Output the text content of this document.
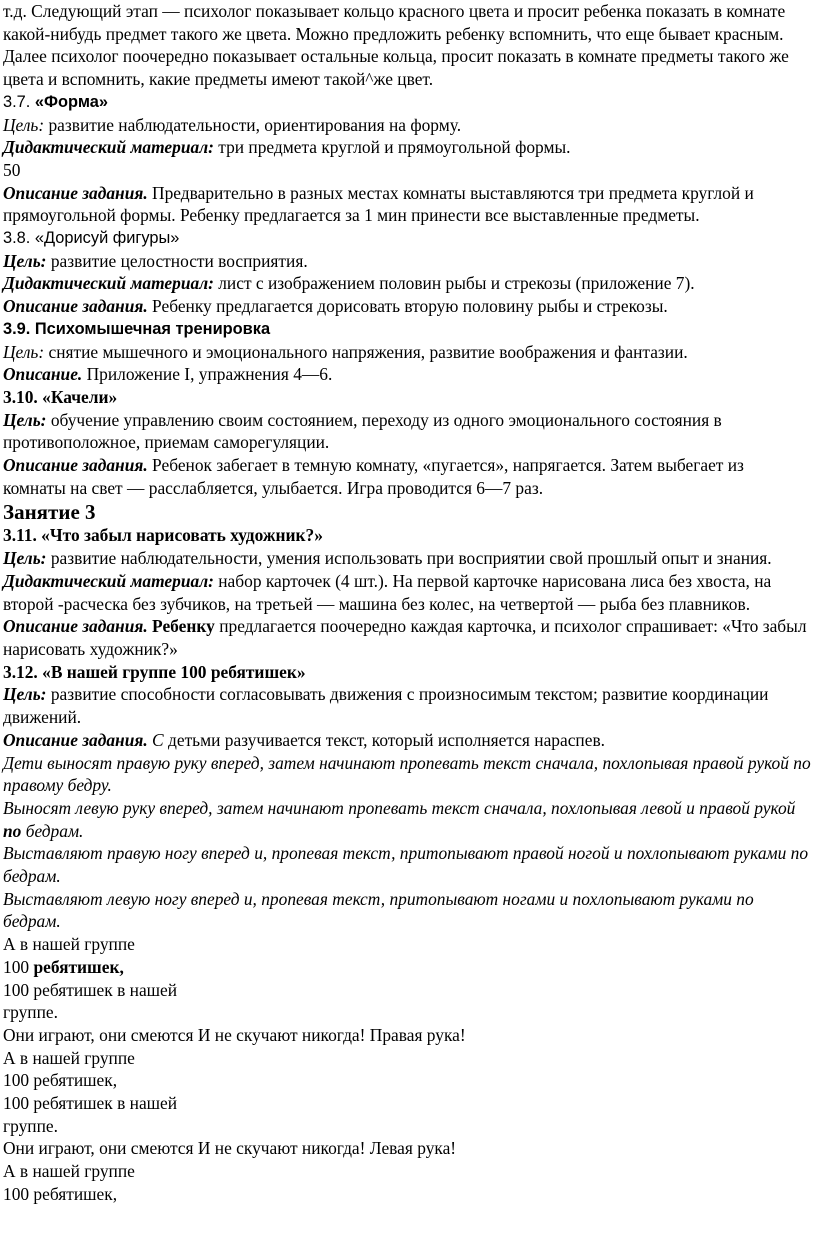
т.д. Следующий этап — психолог показывает кольцо красного цвета и просит ребенка показать в комнате какой-нибудь предмет такого же цвета. Можно предложить ребенку вспомнить, что еще бывает красным. Далее психолог поочередно показывает остальные кольца, просит показать в комнате предметы такого же цвета и вспомнить, какие предметы имеют такой^же цвет.

3.7. «Форма»

Цель: развитие наблюдательности, ориентирования на форму.

Дидактический материал: три предмета круглой и прямоугольной формы.

50

Описание задания. Предварительно в разных местах комнаты выставляются три предмета круглой и прямоугольной формы. Ребенку предлагается за 1 мин принести все выставленные предметы.

3.8. «Дорисуй фигуры»

Цель: развитие целостности восприятия.

Дидактический материал: лист с изображением половин рыбы и стрекозы (приложение 7).

Описание задания. Ребенку предлагается дорисовать вторую половину рыбы и стрекозы.

3.9. Психомышечная тренировка

Цель: снятие мышечного и эмоционального напряжения, развитие воображения и фантазии.

Описание. Приложение I, упражнения 4—6.

3.10. «Качели»

Цель: обучение управлению своим состоянием, переходу из одного эмоционального состояния в противоположное, приемам саморегуляции.

Описание задания. Ребенок забегает в темную комнату, «пугается», напрягается. Затем выбегает из комнаты на свет — расслабляется, улыбается. Игра проводится 6—7 раз.

Занятие 3

3.11. «Что забыл нарисовать художник?»

Цель: развитие наблюдательности, умения использовать при восприятии свой прошлый опыт и знания.

Дидактический материал: набор карточек (4 шт.). На первой карточке нарисована лиса без хвоста, на второй -расческа без зубчиков, на третьей — машина без колес, на четвертой — рыба без плавников.

Описание задания. Ребенку предлагается поочередно каждая карточка, и психолог спрашивает: «Что забыл нарисовать художник?»

3.12. «В нашей группе 100 ребятишек»

Цель: развитие способности согласовывать движения с произносимым текстом; развитие координации движений.

Описание задания. С детьми разучивается текст, который исполняется нараспев.

Дети выносят правую руку вперед, затем начинают пропевать текст сначала, похлопывая правой рукой по правому бедру.

Выносят левую руку вперед, затем начинают пропевать текст сначала, похлопывая левой и правой рукой по бедрам.

Выставляют правую ногу вперед и, пропевая текст, притопывают правой ногой и похлопывают руками по бедрам.

Выставляют левую ногу вперед и, пропевая текст, притопывают ногами и похлопывают руками по бедрам.

А в нашей группе

100 ребятишек,

100 ребятишек в нашей

группе.

Они играют, они смеются И не скучают никогда! Правая рука!

А в нашей группе

100 ребятишек,

100 ребятишек в нашей

группе.

Они играют, они смеются И не скучают никогда! Левая рука!

А в нашей группе

100 ребятишек,
